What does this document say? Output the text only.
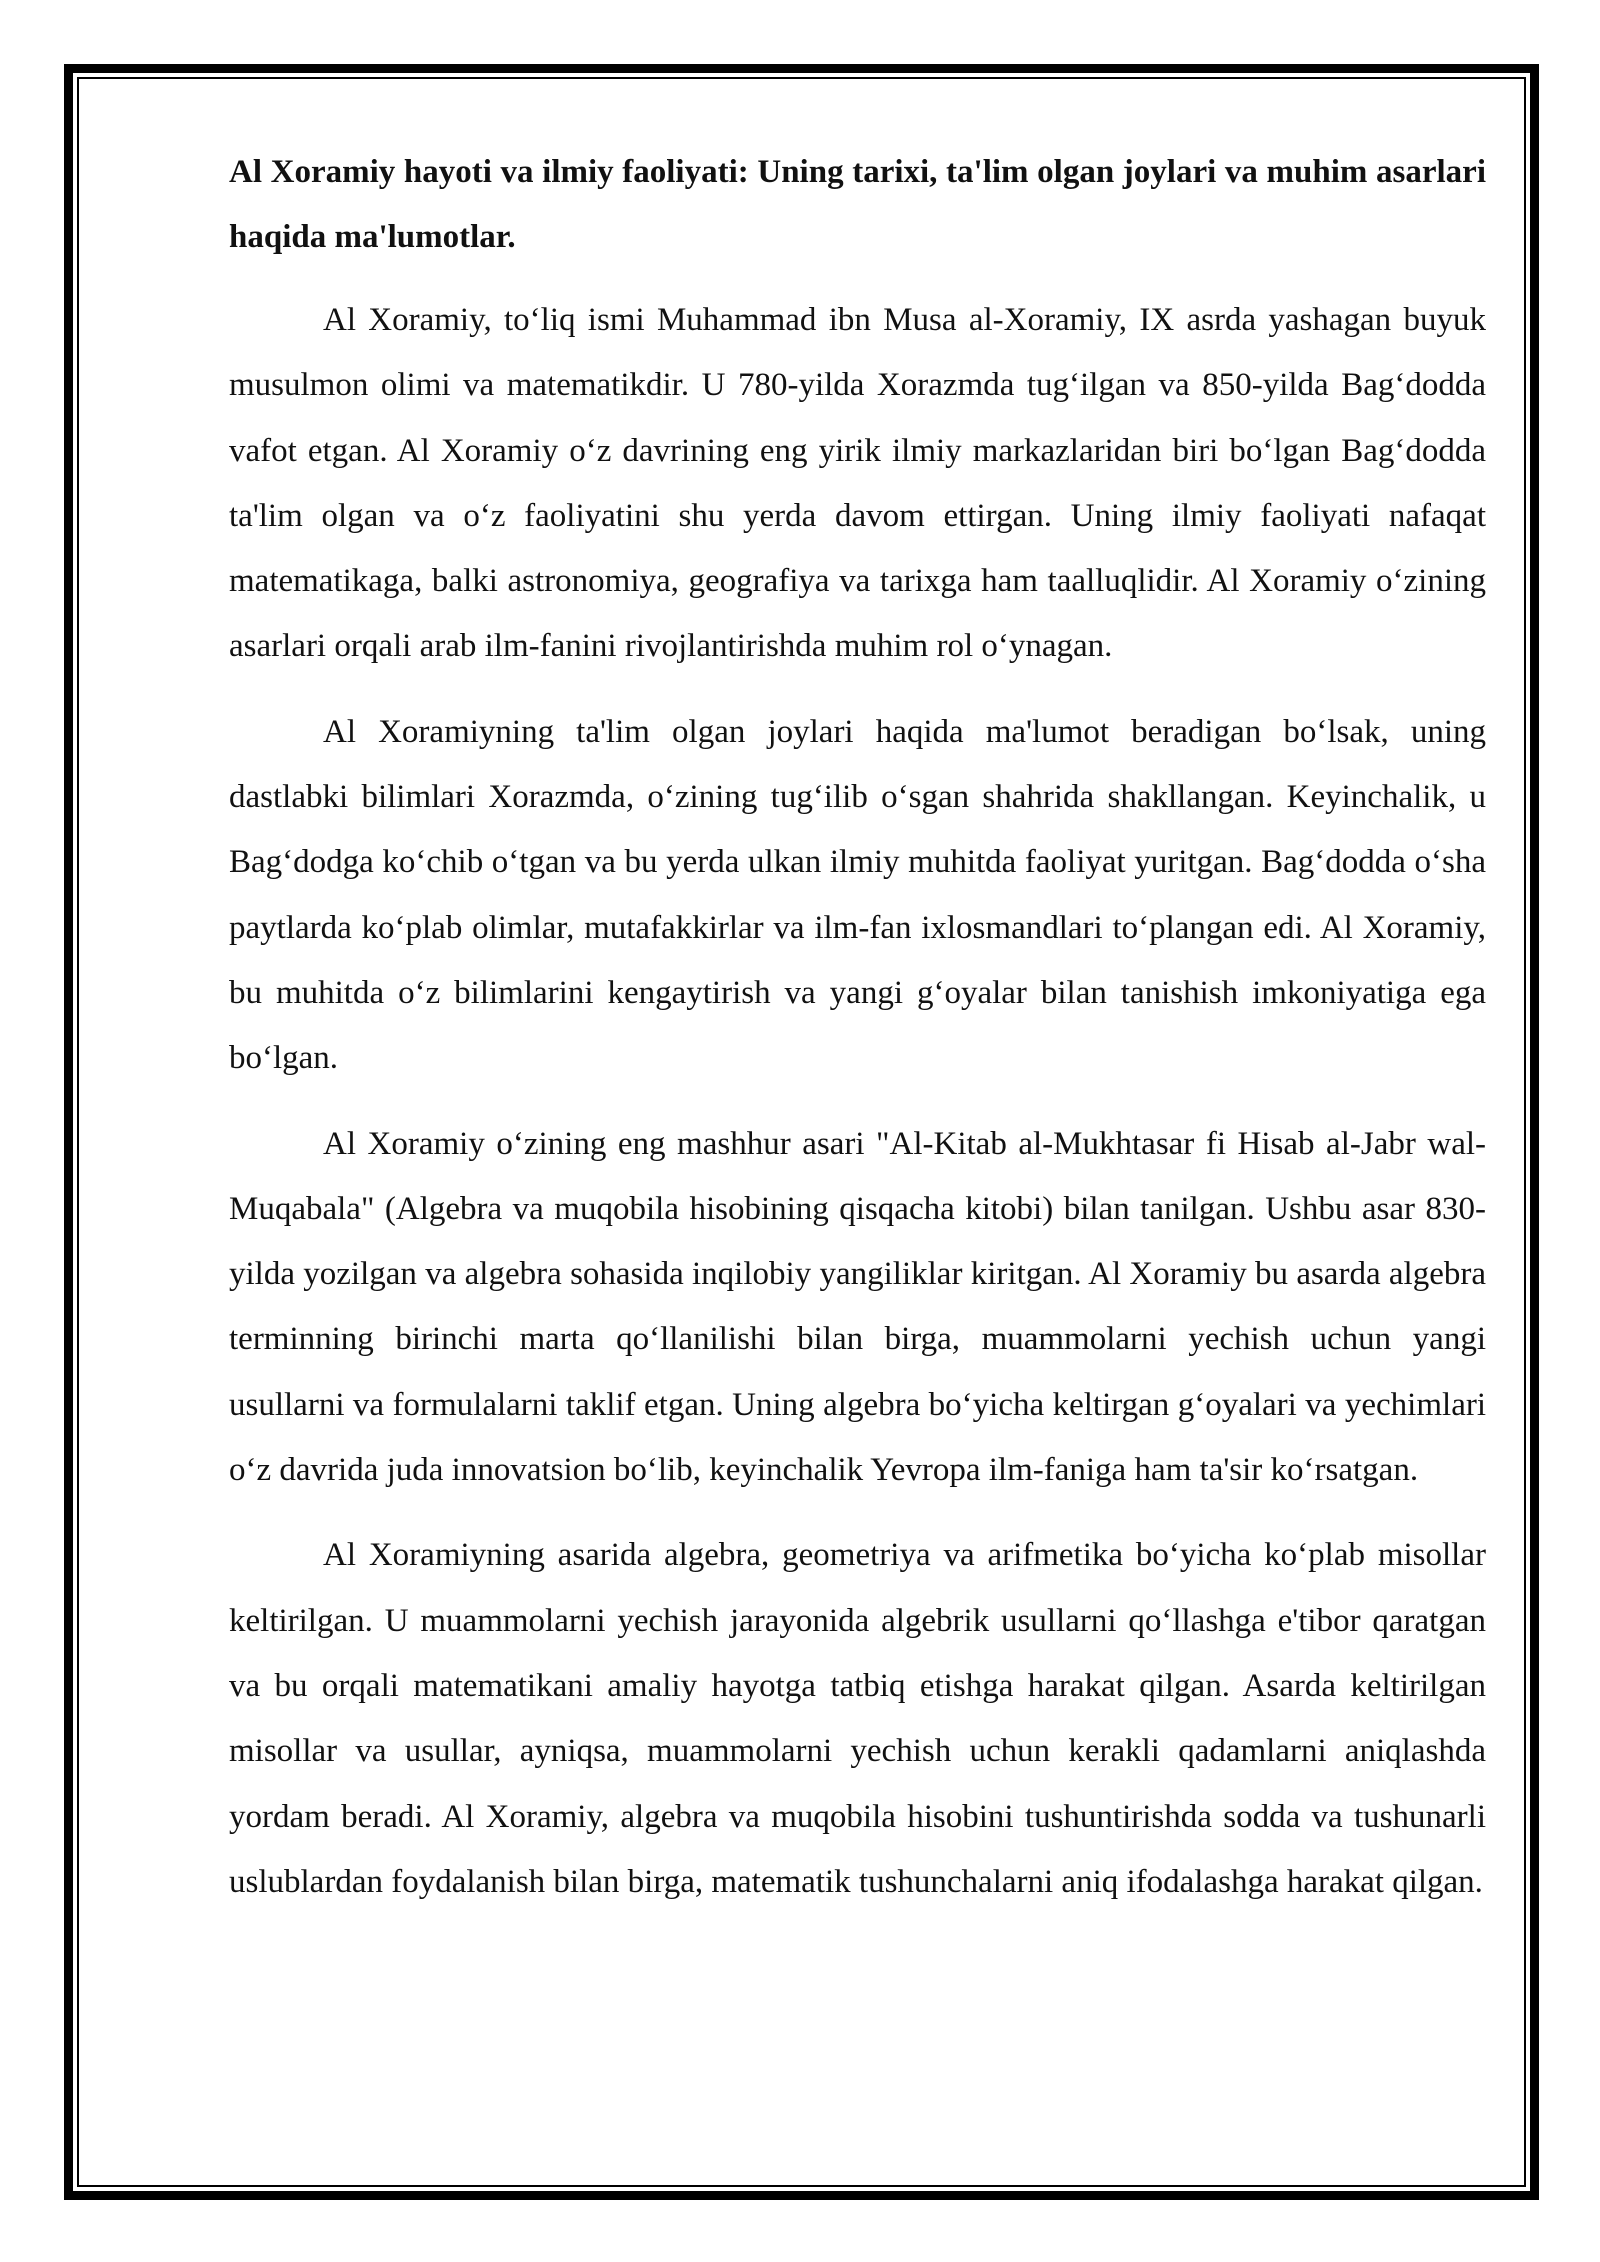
Al Xoramiy hayoti va ilmiy faoliyati: Uning tarixi, ta'lim olgan joylari va muhim asarlari haqida ma'lumotlar.

Al Xoramiy, to‘liq ismi Muhammad ibn Musa al-Xoramiy, IX asrda yashagan buyuk musulmon olimi va matematikdir. U 780-yilda Xorazmda tug‘ilgan va 850-yilda Bag‘dodda vafot etgan. Al Xoramiy o‘z davrining eng yirik ilmiy markazlaridan biri bo‘lgan Bag‘dodda ta'lim olgan va o‘z faoliyatini shu yerda davom ettirgan. Uning ilmiy faoliyati nafaqat matematikaga, balki astronomiya, geografiya va tarixga ham taalluqlidir. Al Xoramiy o‘zining asarlari orqali arab ilm-fanini rivojlantirishda muhim rol o‘ynagan.

Al Xoramiyning ta'lim olgan joylari haqida ma'lumot beradigan bo‘lsak, uning dastlabki bilimlari Xorazmda, o‘zining tug‘ilib o‘sgan shahrida shakllangan. Keyinchalik, u Bag‘dodga ko‘chib o‘tgan va bu yerda ulkan ilmiy muhitda faoliyat yuritgan. Bag‘dodda o‘sha paytlarda ko‘plab olimlar, mutafakkirlar va ilm-fan ixlosmandlari to‘plangan edi. Al Xoramiy, bu muhitda o‘z bilimlarini kengaytirish va yangi g‘oyalar bilan tanishish imkoniyatiga ega bo‘lgan.

Al Xoramiy o‘zining eng mashhur asari "Al-Kitab al-Mukhtasar fi Hisab al-Jabr wal-Muqabala" (Algebra va muqobila hisobining qisqacha kitobi) bilan tanilgan. Ushbu asar 830-yilda yozilgan va algebra sohasida inqilobiy yangiliklar kiritgan. Al Xoramiy bu asarda algebra terminning birinchi marta qo‘llanilishi bilan birga, muammolarni yechish uchun yangi usullarni va formulalarni taklif etgan. Uning algebra bo‘yicha keltirgan g‘oyalari va yechimlari o‘z davrida juda innovatsion bo‘lib, keyinchalik Yevropa ilm-faniga ham ta'sir ko‘rsatgan.

Al Xoramiyning asarida algebra, geometriya va arifmetika bo‘yicha ko‘plab misollar keltirilgan. U muammolarni yechish jarayonida algebrik usullarni qo‘llashga e'tibor qaratgan va bu orqali matematikani amaliy hayotga tatbiq etishga harakat qilgan. Asarda keltirilgan misollar va usullar, ayniqsa, muammolarni yechish uchun kerakli qadamlarni aniqlashda yordam beradi. Al Xoramiy, algebra va muqobila hisobini tushuntirishda sodda va tushunarli uslublardan foydalanish bilan birga, matematik tushunchalarni aniq ifodalashga harakat qilgan.
